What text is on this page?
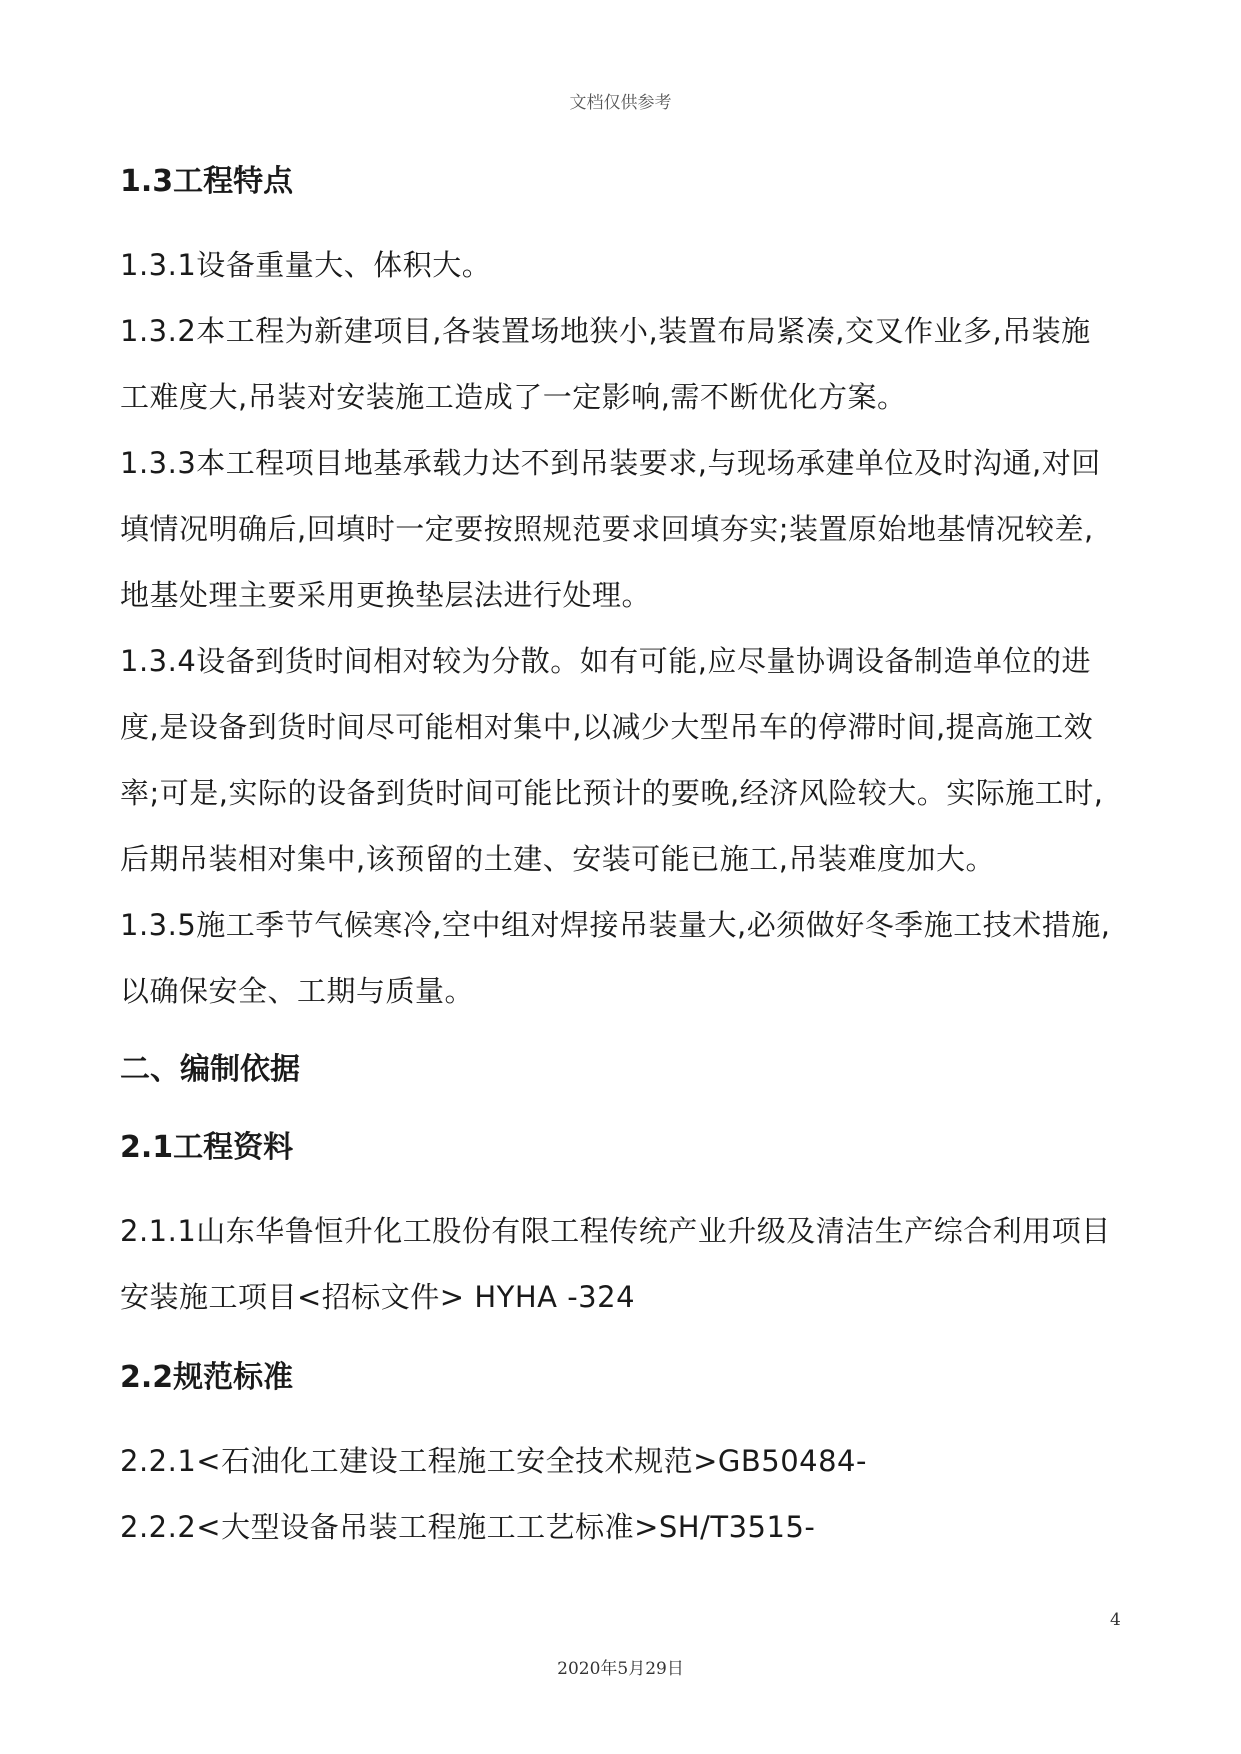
文档仅供参考
1.3工程特点

1.3.1设备重量大、体积大。

1.3.2本工程为新建项目,各装置场地狭小,装置布局紧凑,交叉作业多,吊装施工难度大,吊装对安装施工造成了一定影响,需不断优化方案。

1.3.3本工程项目地基承载力达不到吊装要求,与现场承建单位及时沟通,对回填情况明确后,回填时一定要按照规范要求回填夯实;装置原始地基情况较差,地基处理主要采用更换垫层法进行处理。

1.3.4设备到货时间相对较为分散。如有可能,应尽量协调设备制造单位的进度,是设备到货时间尽可能相对集中,以减少大型吊车的停滞时间,提高施工效率;可是,实际的设备到货时间可能比预计的要晚,经济风险较大。实际施工时,后期吊装相对集中,该预留的土建、安装可能已施工,吊装难度加大。

1.3.5施工季节气候寒冷,空中组对焊接吊装量大,必须做好冬季施工技术措施,以确保安全、工期与质量。

二、编制依据
2.1工程资料

2.1.1山东华鲁恒升化工股份有限工程传统产业升级及清洁生产综合利用项目安装施工项目<招标文件> HYHA -324

2.2规范标准

2.2.1<石油化工建设工程施工安全技术规范>GB50484-

2.2.2<大型设备吊装工程施工工艺标准>SH/T3515-

4
2020年5月29日
